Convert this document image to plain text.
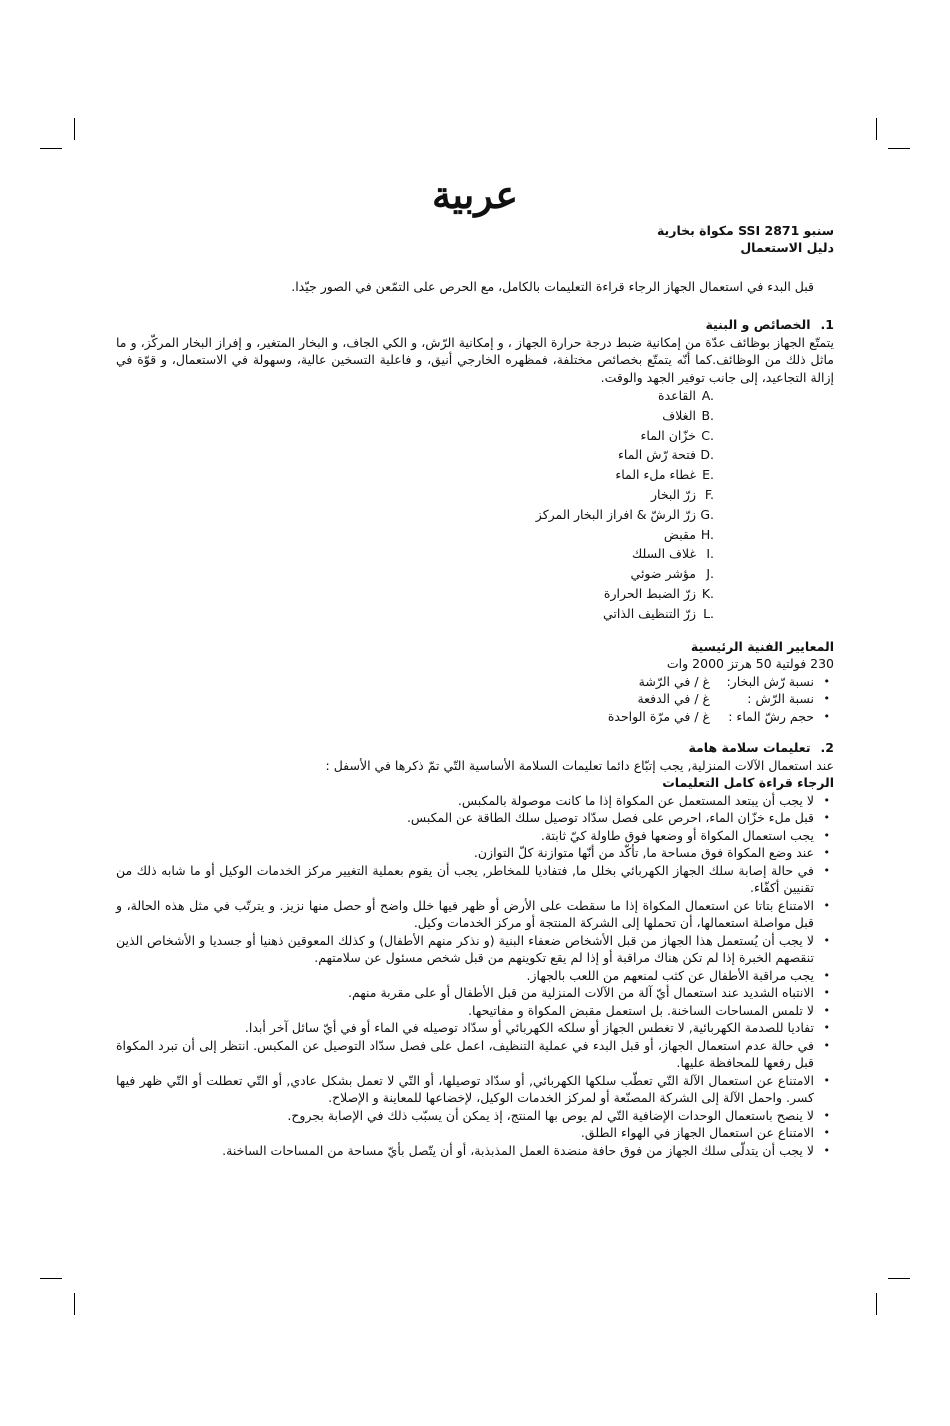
عربية
سنبو SSI 2871 مكواة بخارية
دليل الاستعمال
قبل البدء في استعمال الجهاز الرجاء قراءة التعليمات بالكامل، مع الحرص على التمّعن في الصور جيّدا.
1.الخصائص و البنية

يتمتّع الجهاز بوظائف عدّة من إمكانية ضبط درجة حرارة الجهاز ، و إمكانية الرّش، و الكي الجاف، و البخار المتغير، و إفراز البخار المركّز، و ما ماثل ذلك من الوظائف.كما أنّه يتمتّع بخصائص مختلفة، فمظهره الخارجي أنيق، و فاعلية التسخين عالية، وسهولة في الاستعمال، و قوّة في إزالة التجاعيد، إلى جانب توفير الجهد والوقت.

A.القاعدة
B.الغلاف
C.خزّان الماء
D.فتحة رّش الماء
E.غطاء ملء الماء
F.زرّ البخار
G.زرّ الرشّ & افراز البخار المركز
H.مقبض
I.غلاف السلك
J.مؤشر ضوئي
K.زرّ الضبط الحرارة
L.زرّ التنظيف الذاتي
المعايير الفنية الرئيسية
230 فولتية 50 هرتز 2000 وات
• نسبة رّش البخار:غ / في الرّشة
• نسبة الرّش :غ / في الدفعة
• حجم رشّ الماء :غ / في مرّة الواحدة
2.تعليمات سلامة هامة
عند استعمال الآلات المنزلية, يجب إتبّاع دائما تعليمات السلامة الأساسية التّي تمّ ذكرها في الأسفل :
الرجاء قراءة كامل التعليمات
• لا يجب أن يبتعد المستعمل عن المكواة إذا ما كانت موصولة بالمكبس.
• قبل ملء خزّان الماء، احرص على فصل سدّاد توصيل سلك الطاقة عن المكبس.
• يجب استعمال المكواة أو وضعها فوق طاولة كيّ ثابتة.
• عند وضع المكواة فوق مساحة ما, تأكّد من أنّها متوازنة كلّ التوازن.
• في حالة إصابة سلك الجهاز الكهربائي بخلل ما, فتفاديا للمخاطر, يجب أن يقوم بعملية التغيير مركز الخدمات الوكيل أو ما شابه ذلك من تقنيين أكفّاء.
• الامتناع بتاتا عن استعمال المكواة إذا ما سقطت على الأرض أو ظهر فيها خلل واضح أو حصل منها نزيز. و يترتّب في مثل هذه الحالة، و قبل مواصلة استعمالها، أن تحملها إلى الشركة المنتجة أو مركز الخدمات وكيل.
• لا يجب أن يُستعمل هذا الجهاز من قبل الأشخاص ضعفاء البنية (و نذكر منهم الأطفال) و كذلك المعوقين ذهنيا أو جسديا و الأشخاص الذين تنقصهم الخبرة إذا لم تكن هناك مراقبة أو إذا لم يقع تكوينهم من قبل شخص مسئول عن سلامتهم.
• يجب مراقبة الأطفال عن كثب لمنعهم من اللعب بالجهاز.
• الانتباه الشديد عند استعمال أيّ آلة من الآلات المنزلية من قبل الأطفال أو على مقربة منهم.
• لا تلمس المساحات الساخنة. بل استعمل مقبض المكواة و مفاتيحها.
• تفاديا للصدمة الكهربائية, لا تغطس الجهاز أو سلكه الكهربائي أو سدّاد توصيله في الماء أو في أيّ سائل آخر أبدا.
• في حالة عدم استعمال الجهاز، أو قبل البدء في عملية التنظيف، اعمل على فصل سدّاد التوصيل عن المكبس. انتظر إلى أن تبرد المكواة قبل رفعها للمحافظة عليها.
• الامتناع عن استعمال الآلة التّي تعطّب سلكها الكهربائي, أو سدّاد توصيلها، أو التّي لا تعمل بشكل عادي, أو التّي تعطلت أو التّي ظهر فيها كسر. واحمل الآلة إلى الشركة المصنّعة أو لمركز الخدمات الوكيل، لإخضاعها للمعاينة و الإصلاح.
• لا ينصح باستعمال الوحدات الإضافية التّي لم يوص بها المنتج، إذ يمكن أن يسبّب ذلك في الإصابة بجروح.
• الامتناع عن استعمال الجهاز في الهواء الطلق.
• لا يجب أن يتدلّى سلك الجهاز من فوق حافة منضدة العمل المذبذبة، أو أن يتّصل بأيّ مساحة من المساحات الساخنة.
